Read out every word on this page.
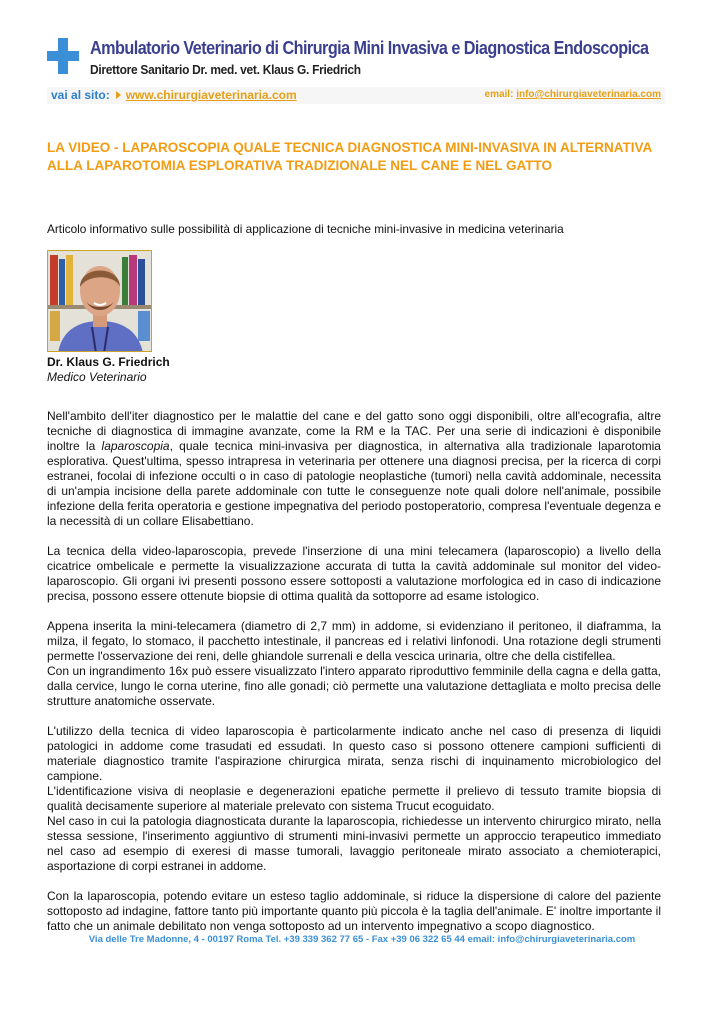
Ambulatorio Veterinario di Chirurgia Mini Invasiva e Diagnostica Endoscopica
Direttore Sanitario Dr. med. vet. Klaus G. Friedrich
vai al sito: www.chirurgiaveterinaria.com	email: info@chirurgiaveterinaria.com
LA VIDEO - LAPAROSCOPIA QUALE TECNICA DIAGNOSTICA MINI-INVASIVA IN ALTERNATIVA ALLA LAPAROTOMIA ESPLORATIVA TRADIZIONALE NEL CANE E NEL GATTO
Articolo informativo sulle possibilità di applicazione di tecniche mini-invasive in medicina veterinaria
Dr. Klaus G. Friedrich
Medico Veterinario

Nell'ambito dell'iter diagnostico per le malattie del cane e del gatto sono oggi disponibili, oltre all'ecografia, altre tecniche di diagnostica di immagine avanzate, come la RM e la TAC. Per una serie di indicazioni è disponibile inoltre la laparoscopia, quale tecnica mini-invasiva per diagnostica, in alternativa alla tradizionale laparotomia esplorativa. Quest'ultima, spesso intrapresa in veterinaria per ottenere una diagnosi precisa, per la ricerca di corpi estranei, focolai di infezione occulti o in caso di patologie neoplastiche (tumori) nella cavità addominale, necessita di un'ampia incisione della parete addominale con tutte le conseguenze note quali dolore nell'animale, possibile infezione della ferita operatoria e gestione impegnativa del periodo postoperatorio, compresa l'eventuale degenza e la necessità di un collare Elisabettiano.

La tecnica della video-laparoscopia, prevede l'inserzione di una mini telecamera (laparoscopio) a livello della cicatrice ombelicale e permette la visualizzazione accurata di tutta la cavità addominale sul monitor del video-laparoscopio. Gli organi ivi presenti possono essere sottoposti a valutazione morfologica ed in caso di indicazione precisa, possono essere ottenute biopsie di ottima qualità da sottoporre ad esame istologico.

Appena inserita la mini-telecamera (diametro di 2,7 mm) in addome, si evidenziano il peritoneo, il diaframma, la milza, il fegato, lo stomaco, il pacchetto intestinale, il pancreas ed i relativi linfonodi. Una rotazione degli strumenti permette l'osservazione dei reni, delle ghiandole surrenali e della vescica urinaria, oltre che della cistifellea.

Con un ingrandimento 16x può essere visualizzato l'intero apparato riproduttivo femminile della cagna e della gatta, dalla cervice, lungo le corna uterine, fino alle gonadi; ciò permette una valutazione dettagliata e molto precisa delle strutture anatomiche osservate.

L'utilizzo della tecnica di video laparoscopia è particolarmente indicato anche nel caso di presenza di liquidi patologici in addome come trasudati ed essudati. In questo caso si possono ottenere campioni sufficienti di materiale diagnostico tramite l'aspirazione chirurgica mirata, senza rischi di inquinamento microbiologico del campione.

L'identificazione visiva di neoplasie e degenerazioni epatiche permette il prelievo di tessuto tramite biopsia di qualità decisamente superiore al materiale prelevato con sistema Trucut ecoguidato.

Nel caso in cui la patologia diagnosticata durante la laparoscopia, richiedesse un intervento chirurgico mirato, nella stessa sessione, l'inserimento aggiuntivo di strumenti mini-invasivi permette un approccio terapeutico immediato nel caso ad esempio di exeresi di masse tumorali, lavaggio peritoneale mirato associato a chemioterapici, asportazione di corpi estranei in addome.

Con la laparoscopia, potendo evitare un esteso taglio addominale, si riduce la dispersione di calore del paziente sottoposto ad indagine, fattore tanto più importante quanto più piccola è la taglia dell'animale. E' inoltre importante il fatto che un animale debilitato non venga sottoposto ad un intervento impegnativo a scopo diagnostico.

Via delle Tre Madonne, 4 - 00197 Roma Tel. +39 339 362 77 65 - Fax +39 06 322 65 44 email: info@chirurgiaveterinaria.com
